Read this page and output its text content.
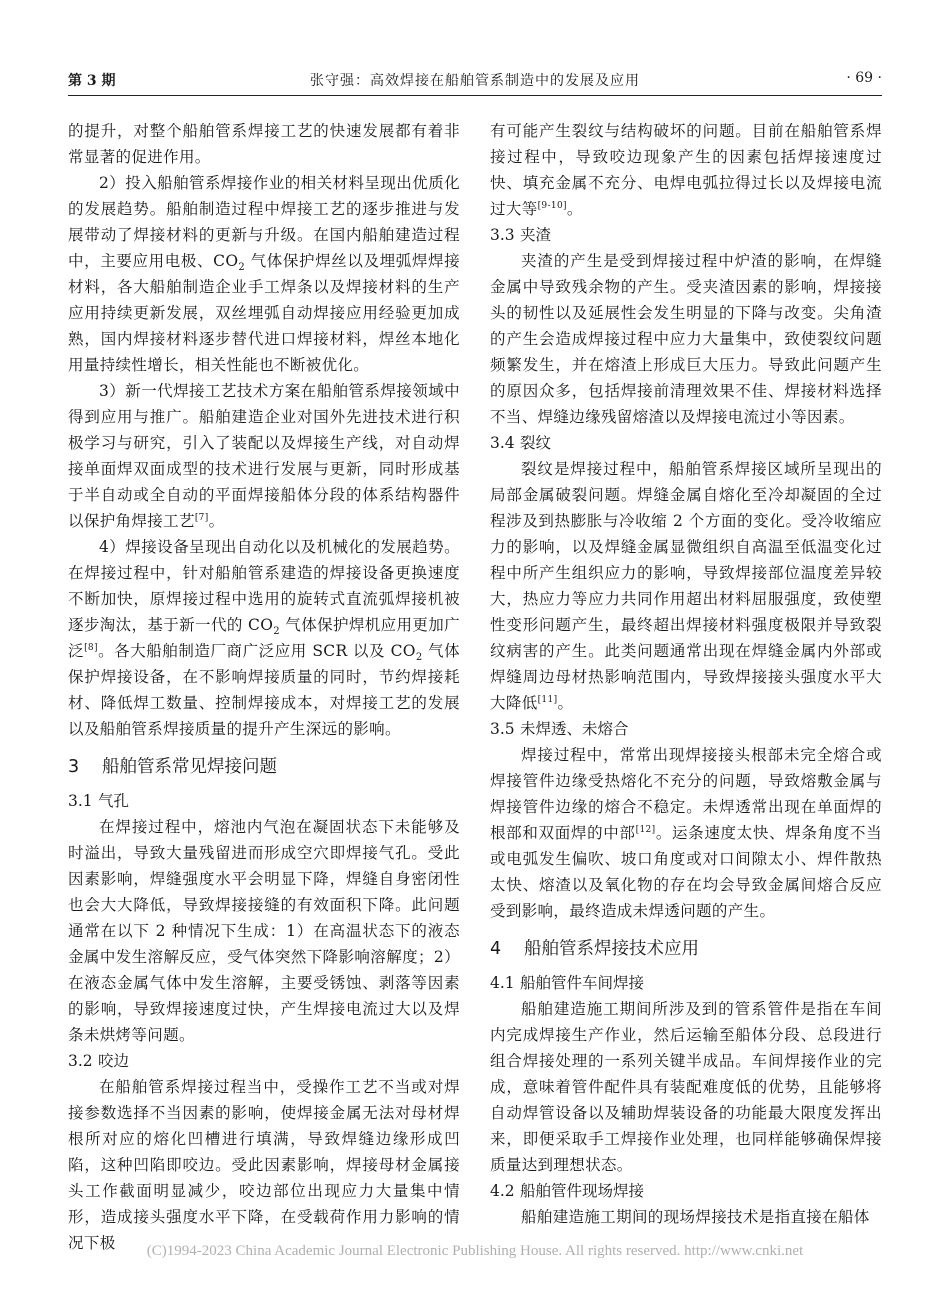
第 3 期	张守强：高效焊接在船舶管系制造中的发展及应用	· 69 ·

的提升，对整个船舶管系焊接工艺的快速发展都有着非常显著的促进作用。

2）投入船舶管系焊接作业的相关材料呈现出优质化的发展趋势。船舶制造过程中焊接工艺的逐步推进与发展带动了焊接材料的更新与升级。在国内船舶建造过程中，主要应用电极、$CO_2$ 气体保护焊丝以及埋弧焊焊接材料，各大船舶制造企业手工焊条以及焊接材料的生产应用持续更新发展，双丝埋弧自动焊接应用经验更加成熟，国内焊接材料逐步替代进口焊接材料，焊丝本地化用量持续性增长，相关性能也不断被优化。

3）新一代焊接工艺技术方案在船舶管系焊接领域中得到应用与推广。船舶建造企业对国外先进技术进行积极学习与研究，引入了装配以及焊接生产线，对自动焊接单面焊双面成型的技术进行发展与更新，同时形成基于半自动或全自动的平面焊接船体分段的体系结构器件以保护角焊接工艺[7]。

4）焊接设备呈现出自动化以及机械化的发展趋势。在焊接过程中，针对船舶管系建造的焊接设备更换速度不断加快，原焊接过程中选用的旋转式直流弧焊接机被逐步淘汰，基于新一代的 $CO_2$ 气体保护焊机应用更加广泛[8]。各大船舶制造厂商广泛应用 SCR 以及 $CO_2$ 气体保护焊接设备，在不影响焊接质量的同时，节约焊接耗材、降低焊工数量、控制焊接成本，对焊接工艺的发展以及船舶管系焊接质量的提升产生深远的影响。

3 船舶管系常见焊接问题
3.1 气孔

在焊接过程中，熔池内气泡在凝固状态下未能够及时溢出，导致大量残留进而形成空穴即焊接气孔。受此因素影响，焊缝强度水平会明显下降，焊缝自身密闭性也会大大降低，导致焊接接缝的有效面积下降。此问题通常在以下 2 种情况下生成：1）在高温状态下的液态金属中发生溶解反应，受气体突然下降影响溶解度；2）在液态金属气体中发生溶解，主要受锈蚀、剥落等因素的影响，导致焊接速度过快，产生焊接电流过大以及焊条未烘烤等问题。

3.2 咬边

在船舶管系焊接过程当中，受操作工艺不当或对焊接参数选择不当因素的影响，使焊接金属无法对母材焊根所对应的熔化凹槽进行填满，导致焊缝边缘形成凹陷，这种凹陷即咬边。受此因素影响，焊接母材金属接头工作截面明显减少，咬边部位出现应力大量集中情形，造成接头强度水平下降，在受载荷作用力影响的情况下极

有可能产生裂纹与结构破坏的问题。目前在船舶管系焊接过程中，导致咬边现象产生的因素包括焊接速度过快、填充金属不充分、电焊电弧拉得过长以及焊接电流过大等[9-10]。

3.3 夹渣

夹渣的产生是受到焊接过程中炉渣的影响，在焊缝金属中导致残余物的产生。受夹渣因素的影响，焊接接头的韧性以及延展性会发生明显的下降与改变。尖角渣的产生会造成焊接过程中应力大量集中，致使裂纹问题频繁发生，并在熔渣上形成巨大压力。导致此问题产生的原因众多，包括焊接前清理效果不佳、焊接材料选择不当、焊缝边缘残留熔渣以及焊接电流过小等因素。

3.4 裂纹

裂纹是焊接过程中，船舶管系焊接区域所呈现出的局部金属破裂问题。焊缝金属自熔化至冷却凝固的全过程涉及到热膨胀与冷收缩 2 个方面的变化。受冷收缩应力的影响，以及焊缝金属显微组织自高温至低温变化过程中所产生组织应力的影响，导致焊接部位温度差异较大，热应力等应力共同作用超出材料屈服强度，致使塑性变形问题产生，最终超出焊接材料强度极限并导致裂纹病害的产生。此类问题通常出现在焊缝金属内外部或焊缝周边母材热影响范围内，导致焊接接头强度水平大大降低[11]。

3.5 未焊透、未熔合

焊接过程中，常常出现焊接接头根部未完全熔合或焊接管件边缘受热熔化不充分的问题，导致熔敷金属与焊接管件边缘的熔合不稳定。未焊透常出现在单面焊的根部和双面焊的中部[12]。运条速度太快、焊条角度不当或电弧发生偏吹、坡口角度或对口间隙太小、焊件散热太快、熔渣以及氧化物的存在均会导致金属间熔合反应受到影响，最终造成未焊透问题的产生。

4 船舶管系焊接技术应用
4.1 船舶管件车间焊接

船舶建造施工期间所涉及到的管系管件是指在车间内完成焊接生产作业，然后运输至船体分段、总段进行组合焊接处理的一系列关键半成品。车间焊接作业的完成，意味着管件配件具有装配难度低的优势，且能够将自动焊管设备以及辅助焊装设备的功能最大限度发挥出来，即便采取手工焊接作业处理，也同样能够确保焊接质量达到理想状态。

4.2 船舶管件现场焊接

船舶建造施工期间的现场焊接技术是指直接在船体

(C)1994-2023 China Academic Journal Electronic Publishing House. All rights reserved. http://www.cnki.net
